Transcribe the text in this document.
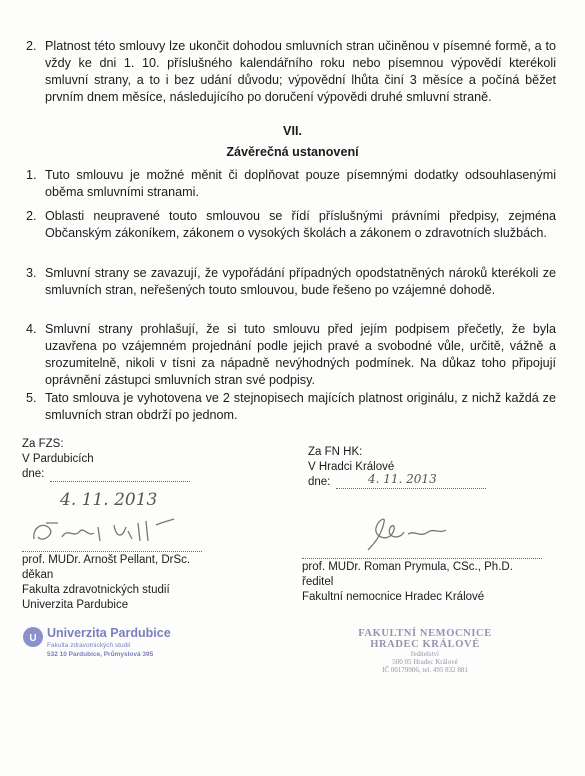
2. Platnost této smlouvy lze ukončit dohodou smluvních stran učiněnou v písemné formě, a to vždy ke dni 1. 10. příslušného kalendářního roku nebo písemnou výpovědí kterékoli smluvní strany, a to i bez udání důvodu; výpovědní lhůta činí 3 měsíce a počíná běžet prvním dnem měsíce, následujícího po doručení výpovědi druhé smluvní straně.
VII.
Závěrečná ustanovení
1. Tuto smlouvu je možné měnit či doplňovat pouze písemnými dodatky odsouhlasenými oběma smluvními stranami.
2. Oblasti neupravené touto smlouvou se řídí příslušnými právními předpisy, zejména Občanským zákoníkem, zákonem o vysokých školách a zákonem o zdravotních službách.
3. Smluvní strany se zavazují, že vypořádání případných opodstatněných nároků kterékoli ze smluvních stran, neřešených touto smlouvou, bude řešeno po vzájemné dohodě.
4. Smluvní strany prohlašují, že si tuto smlouvu před jejím podpisem přečetly, že byla uzavřena po vzájemném projednání podle jejich pravé a svobodné vůle, určitě, vážně a srozumitelně, nikoli v tísni za nápadně nevýhodných podmínek. Na důkaz toho připojují oprávnění zástupci smluvních stran své podpisy.
5. Tato smlouva je vyhotovena ve 2 stejnopisech majících platnost originálu, z nichž každá ze smluvních stran obdrží po jednom.
Za FZS:
V Pardubicích
dne:
4. 11. 2013
prof. MUDr. Arnošt Pellant, DrSc.
děkan
Fakulta zdravotnických studií
Univerzita Pardubice
Za FN HK:
V Hradci Králové
dne:	4. 11. 2013
prof. MUDr. Roman Prymula, CSc., Ph.D.
ředitel
Fakultní nemocnice Hradec Králové
U Univerzita Pardubice
Fakulta zdravotnických studií
532 10 Pardubice, Průmyslová 395
FAKULTNÍ NEMOCNICE
HRADEC KRÁLOVÉ
ředitelství
500 05 Hradec Králové
IČ 00179906, tel. 495 832 881
